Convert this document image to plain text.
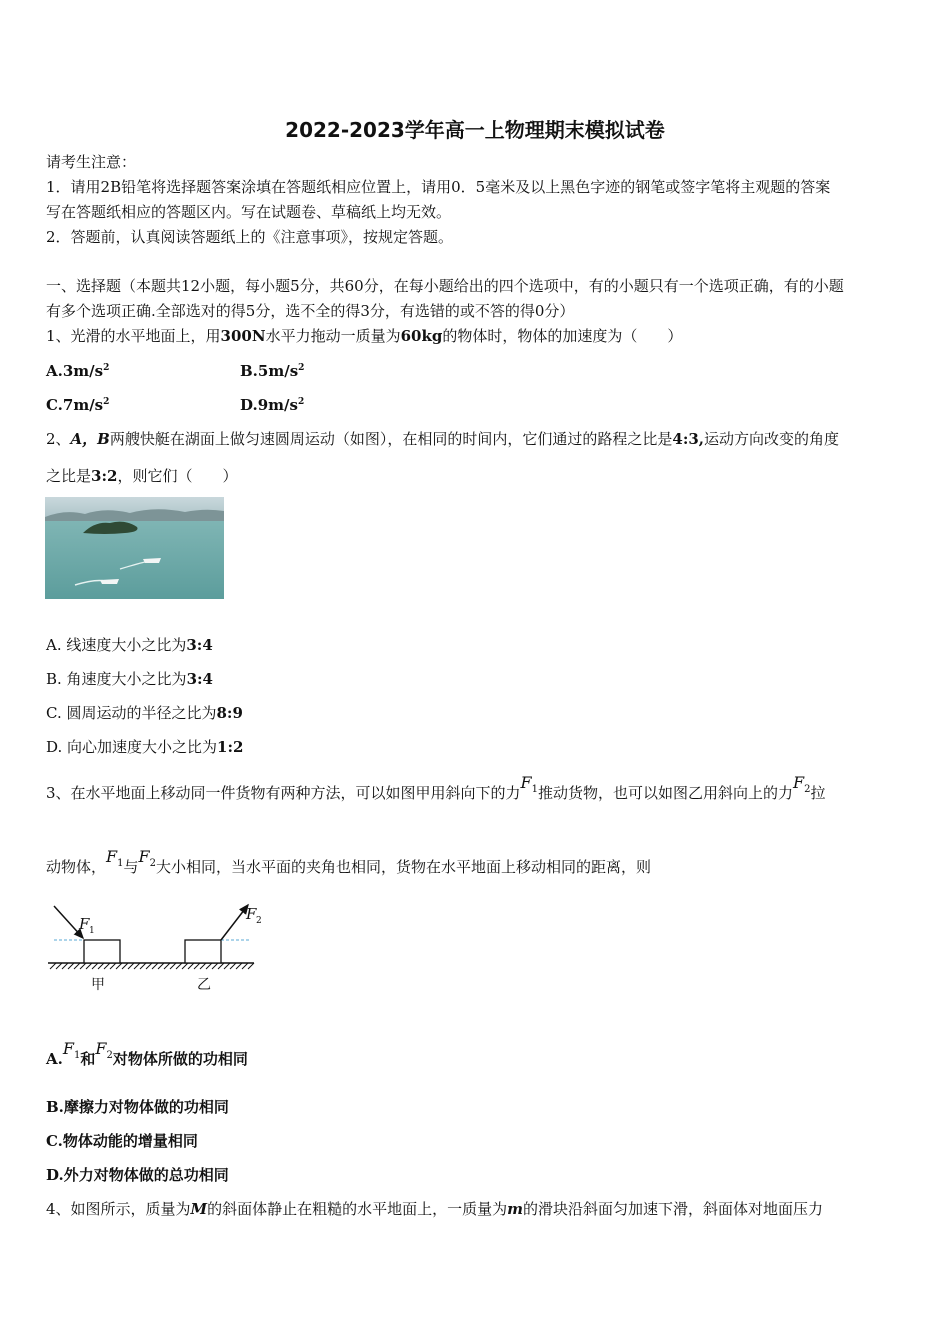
2022-2023学年高一上物理期末模拟试卷
请考生注意：
1．请用2B铅笔将选择题答案涂填在答题纸相应位置上，请用0．5毫米及以上黑色字迹的钢笔或签字笔将主观题的答案
写在答题纸相应的答题区内。写在试题卷、草稿纸上均无效。
2．答题前，认真阅读答题纸上的《注意事项》，按规定答题。
一、选择题（本题共12小题，每小题5分，共60分，在每小题给出的四个选项中，有的小题只有一个选项正确，有的小题
有多个选项正确.全部选对的得5分，选不全的得3分，有选错的或不答的得0分）
1、光滑的水平地面上，用300N水平力拖动一质量为60kg的物体时，物体的加速度为（　　）
$A.3m/s^2$	$B.5m/s^2$
$C.7m/s^2$	$D.9m/s^2$
2、A，B两艘快艇在湖面上做匀速圆周运动（如图），在相同的时间内，它们通过的路程之比是4:3,运动方向改变的角度
之比是3:2，则它们（　　）
A. 线速度大小之比为3:4
B. 角速度大小之比为3:4
C. 圆周运动的半径之比为8:9
D. 向心加速度大小之比为1:2
3、在水平地面上移动同一件货物有两种方法，可以如图甲用斜向下的力$F_1$推动货物，也可以如图乙用斜向上的力$F_2$拉
动物体，$F_1$与$F_2$大小相同，当水平面的夹角也相同，货物在水平地面上移动相同的距离，则
F 1
F 2
甲	乙
$A.F_1$和$F_2$对物体所做的功相同
B.摩擦力对物体做的功相同
C.物体动能的增量相同
D.外力对物体做的总功相同
4、如图所示，质量为M的斜面体静止在粗糙的水平地面上，一质量为m的滑块沿斜面匀加速下滑，斜面体对地面压力
